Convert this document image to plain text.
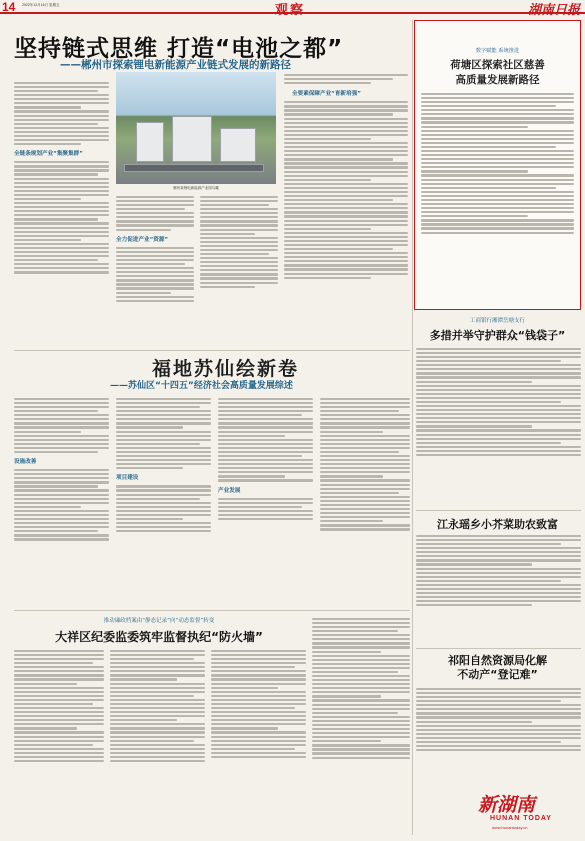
14 2022年12月16日 星期五	观察	湖南日报
坚持链式思维 打造“电池之都”
——郴州市探索锂电新能源产业链式发展的新路径
全链条规划产业“集聚集群”
郴州某锂电新能源产业园鸟瞰
全力促进产业“资源”
全要素保障产业“育新培强”
数字赋能 系统推进
荷塘区探索社区慈善
高质量发展新路径
工商银行湘潭岳塘支行
多措并举守护群众“钱袋子”
江永瑶乡小芥菜助农致富
祁阳自然资源局化解
不动产“登记难”
福地苏仙绘新卷
——苏仙区“十四五”经济社会高质量发展综述
设施改善
项目建设
产业发展
推动廉政档案由“静态记录”向“动态监督”转变
大祥区纪委监委筑牢监督执纪“防火墙”
新湖南
HUNAN TODAY
www.hunantoday.cn
